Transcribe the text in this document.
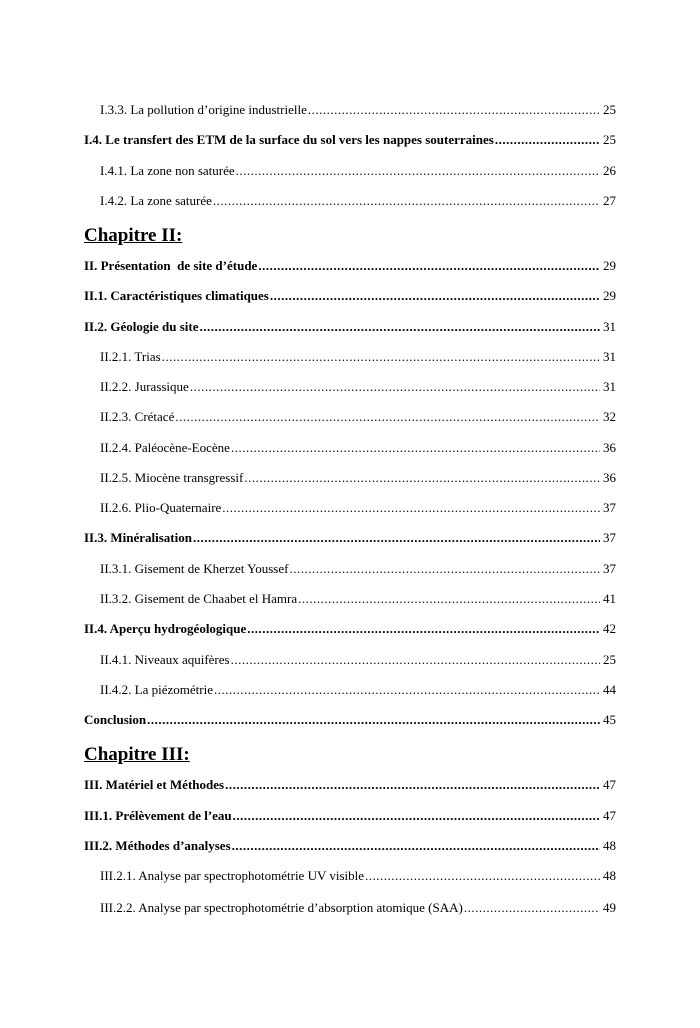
I.3.3. La pollution d’origine industrielle .....	25
I.4. Le transfert des ETM de la surface du sol vers les nappes souterraines .....	25
I.4.1. La zone non saturée .....	26
I.4.2. La zone saturée .....	27
Chapitre II:
II. Présentation  de site d’étude .....	29
II.1. Caractéristiques climatiques .....	29
II.2. Géologie du site .....	31
II.2.1. Trias .....	31
II.2.2. Jurassique .....	31
II.2.3. Crétacé .....	32
II.2.4. Paléocène-Eocène .....	36
II.2.5. Miocène transgressif .....	36
II.2.6. Plio-Quaternaire .....	37
II.3. Minéralisation .....	37
II.3.1. Gisement de Kherzet Youssef .....	37
II.3.2. Gisement de Chaabet el Hamra .....	41
II.4. Aperçu hydrogéologique .....	42
II.4.1. Niveaux aquifères .....	25
II.4.2. La piézométrie .....	44
Conclusion .....	45
Chapitre III:
III. Matériel et Méthodes .....	47
III.1. Prélèvement de l’eau .....	47
III.2. Méthodes d’analyses .....	48
III.2.1. Analyse par spectrophotométrie UV visible .....	48
III.2.2. Analyse par spectrophotométrie d’absorption atomique (SAA) .....	49
